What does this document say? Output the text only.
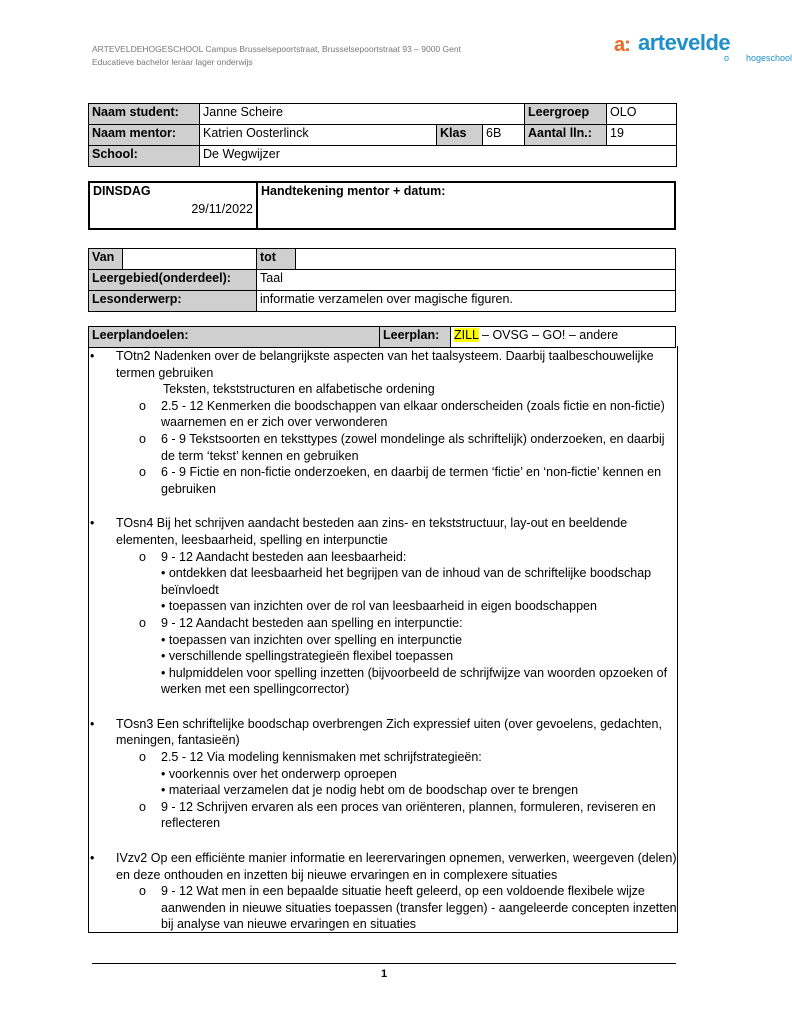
ARTEVELDEHOGESCHOOL Campus Brusselsepoortstraat, Brusselsepoortstraat 93 – 9000 Gent
Educatieve bachelor leraar lager onderwijs
a: artevelde
o hogeschool
Naam student:	Janne Scheire			Leergroep	OLO
Naam mentor:	Katrien Oosterlinck	Klas	6B	Aantal lln.:	19
School:	De Wegwijzer				
DINSDAG
29/11/2022
	Handtekening mentor + datum:
Van		tot	
Leergebied(onderdeel):		Taal	
Lesonderwerp:		informatie verzamelen over magische figuren.	
Leerplandoelen:	Leerplan:	ZILL – OVSG – GO! – andere
• TOtn2 Nadenken over de belangrijkste aspecten van het taalsysteem. Daarbij taalbeschouwelijke termen gebruiken
Teksten, tekststructuren en alfabetische ordening
o 2.5 - 12 Kenmerken die boodschappen van elkaar onderscheiden (zoals fictie en non-fictie) waarnemen en er zich over verwonderen
o 6 - 9 Tekstsoorten en teksttypes (zowel mondelinge als schriftelijk) onderzoeken, en daarbij de term ‘tekst’ kennen en gebruiken
o 6 - 9 Fictie en non-fictie onderzoeken, en daarbij de termen ‘fictie’ en ‘non-fictie’ kennen en gebruiken
• TOsn4 Bij het schrijven aandacht besteden aan zins- en tekststructuur, lay-out en beeldende elementen, leesbaarheid, spelling en interpunctie
o 9 - 12 Aandacht besteden aan leesbaarheid:
• ontdekken dat leesbaarheid het begrijpen van de inhoud van de schriftelijke boodschap beïnvloedt
• toepassen van inzichten over de rol van leesbaarheid in eigen boodschappen
o 9 - 12 Aandacht besteden aan spelling en interpunctie:
• toepassen van inzichten over spelling en interpunctie
• verschillende spellingstrategieën flexibel toepassen
• hulpmiddelen voor spelling inzetten (bijvoorbeeld de schrijfwijze van woorden opzoeken of werken met een spellingcorrector)
• TOsn3 Een schriftelijke boodschap overbrengen Zich expressief uiten (over gevoelens, gedachten, meningen, fantasieën)
o 2.5 - 12 Via modeling kennismaken met schrijfstrategieën:
• voorkennis over het onderwerp oproepen
• materiaal verzamelen dat je nodig hebt om de boodschap over te brengen
o 9 - 12 Schrijven ervaren als een proces van oriënteren, plannen, formuleren, reviseren en reflecteren
• IVzv2 Op een efficiënte manier informatie en leerervaringen opnemen, verwerken, weergeven (delen) en deze onthouden en inzetten bij nieuwe ervaringen en in complexere situaties
o 9 - 12 Wat men in een bepaalde situatie heeft geleerd, op een voldoende flexibele wijze aanwenden in nieuwe situaties toepassen (transfer leggen) - aangeleerde concepten inzetten bij analyse van nieuwe ervaringen en situaties
1
